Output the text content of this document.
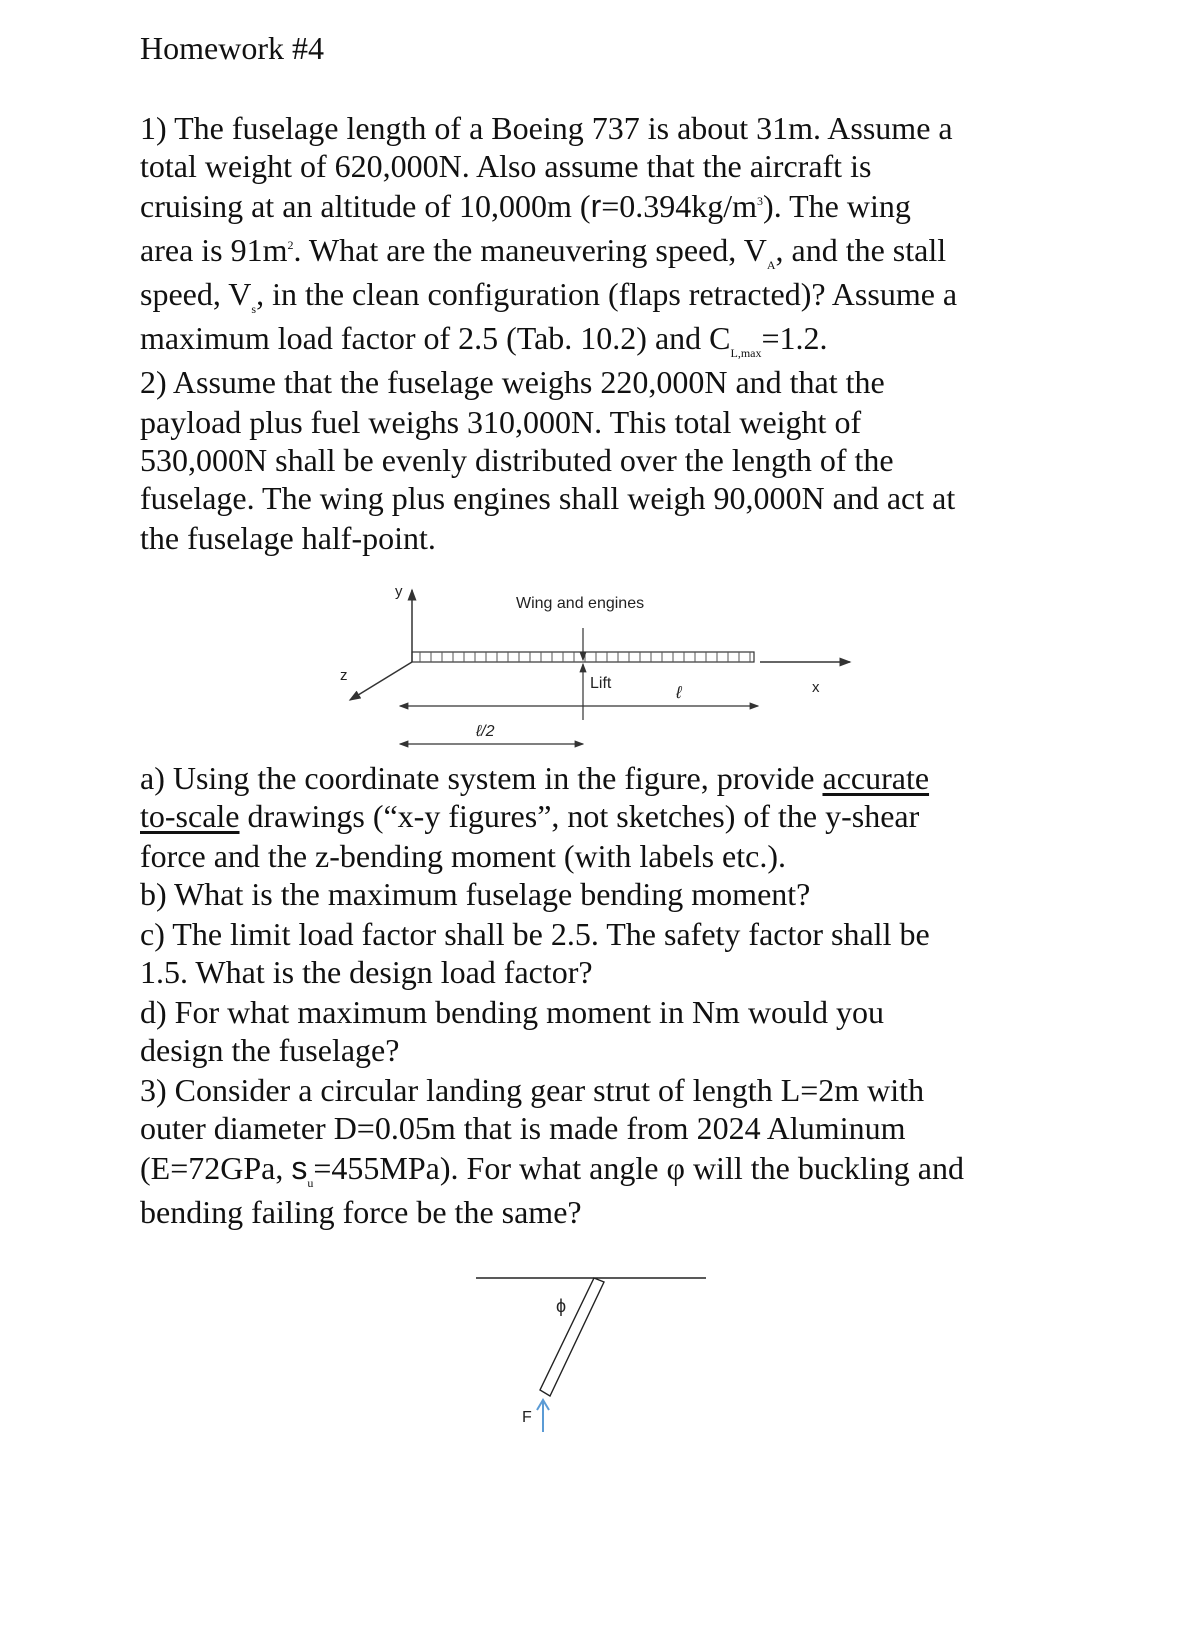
Homework #4
1) The fuselage length of a Boeing 737 is about 31m. Assume a
total weight of 620,000N. Also assume that the aircraft is
cruising at an altitude of 10,000m $(r=0.394kg/m^3)$. The wing
area is $91m^2$. What are the maneuvering speed, $V_A$, and the stall
speed, $V_s$, in the clean configuration (flaps retracted)? Assume a
maximum load factor of 2.5 (Tab. 10.2) and $C_{L,max}=1.2$.
2) Assume that the fuselage weighs 220,000N and that the
payload plus fuel weighs 310,000N. This total weight of
530,000N shall be evenly distributed over the length of the
fuselage. The wing plus engines shall weigh 90,000N and act at
the fuselage half-point.
y
z
x
Wing and engines
Lift	ℓ
ℓ/2
a) Using the coordinate system in the figure, provide accurate
to-scale drawings (“x-y figures”, not sketches) of the y-shear
force and the z-bending moment (with labels etc.).
b) What is the maximum fuselage bending moment?
c) The limit load factor shall be 2.5. The safety factor shall be
1.5. What is the design load factor?
d) For what maximum bending moment in Nm would you
design the fuselage?
3) Consider a circular landing gear strut of length L=2m with
outer diameter D=0.05m that is made from 2024 Aluminum
(E=72GPa, $s_u=455MPa$). For what angle φ will the buckling and
bending failing force be the same?
ϕ
F
